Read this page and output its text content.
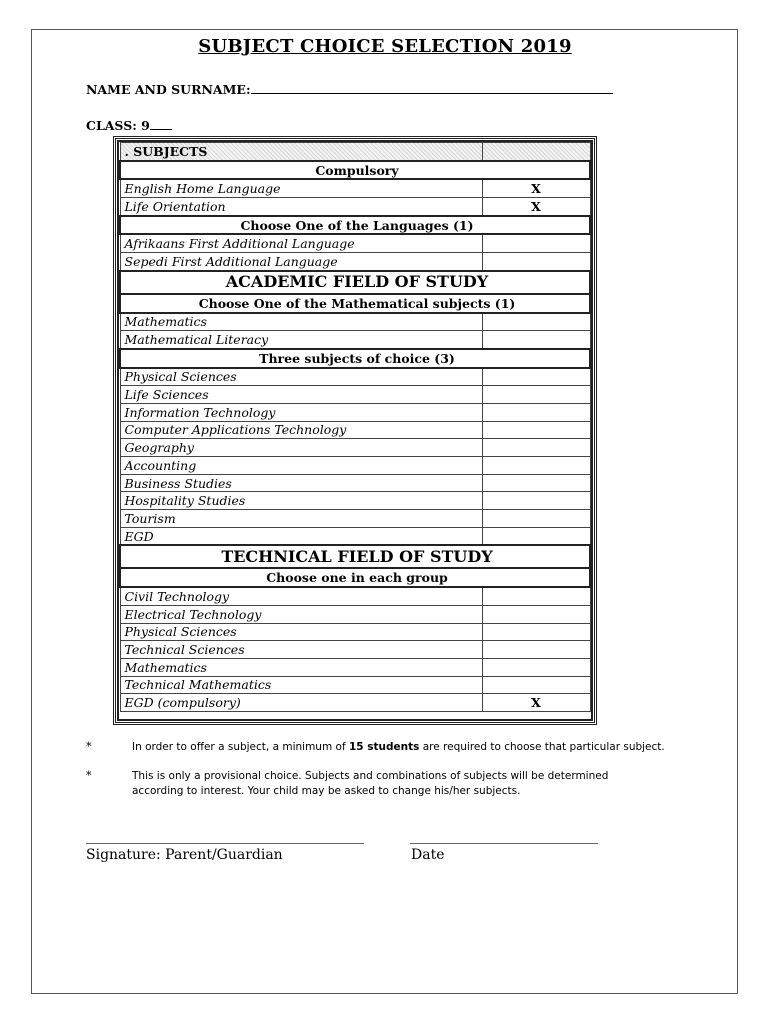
SUBJECT CHOICE SELECTION 2019
NAME AND SURNAME:
CLASS: 9
. SUBJECTS	
Compulsory	
English Home Language	X
Life Orientation	X
Choose One of the Languages (1)	
Afrikaans First Additional Language	
Sepedi First Additional Language	
ACADEMIC FIELD OF STUDY	
Choose One of the Mathematical subjects (1)	
Mathematics	
Mathematical Literacy	
Three subjects of choice (3)	
Physical Sciences	
Life Sciences	
Information Technology	
Computer Applications Technology	
Geography	
Accounting	
Business Studies	
Hospitality Studies	
Tourism	
EGD	
TECHNICAL FIELD OF STUDY	
Choose one in each group	
Civil Technology	
Electrical Technology	
Physical Sciences	
Technical Sciences	
Mathematics	
Technical Mathematics	
EGD (compulsory)	X
*	In order to offer a subject, a minimum of 15 students are required to choose that particular subject.
*	This is only a provisional choice. Subjects and combinations of subjects will be determined
according to interest. Your child may be asked to change his/her subjects.
Signature: Parent/Guardian	Date
